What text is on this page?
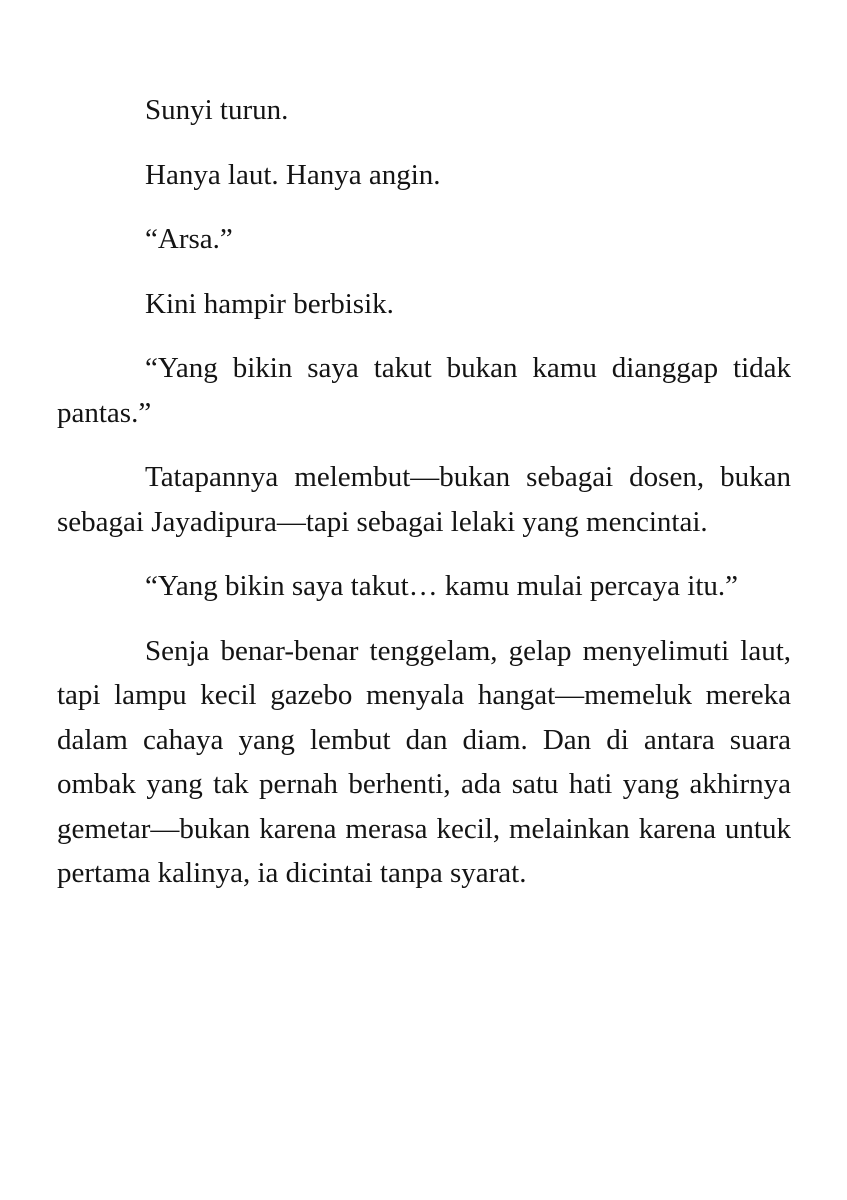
Sunyi turun.

Hanya laut. Hanya angin.

“Arsa.”

Kini hampir berbisik.

“Yang bikin saya takut bukan kamu dianggap tidak pantas.”

Tatapannya melembut—bukan sebagai dosen, bukan sebagai Jayadipura—tapi sebagai lelaki yang mencintai.

“Yang bikin saya takut… kamu mulai percaya itu.”

Senja benar-benar tenggelam, gelap menyelimuti laut, tapi lampu kecil gazebo menyala hangat—memeluk mereka dalam cahaya yang lembut dan diam. Dan di antara suara ombak yang tak pernah berhenti, ada satu hati yang akhirnya gemetar—bukan karena merasa kecil, melainkan karena untuk pertama kalinya, ia dicintai tanpa syarat.
